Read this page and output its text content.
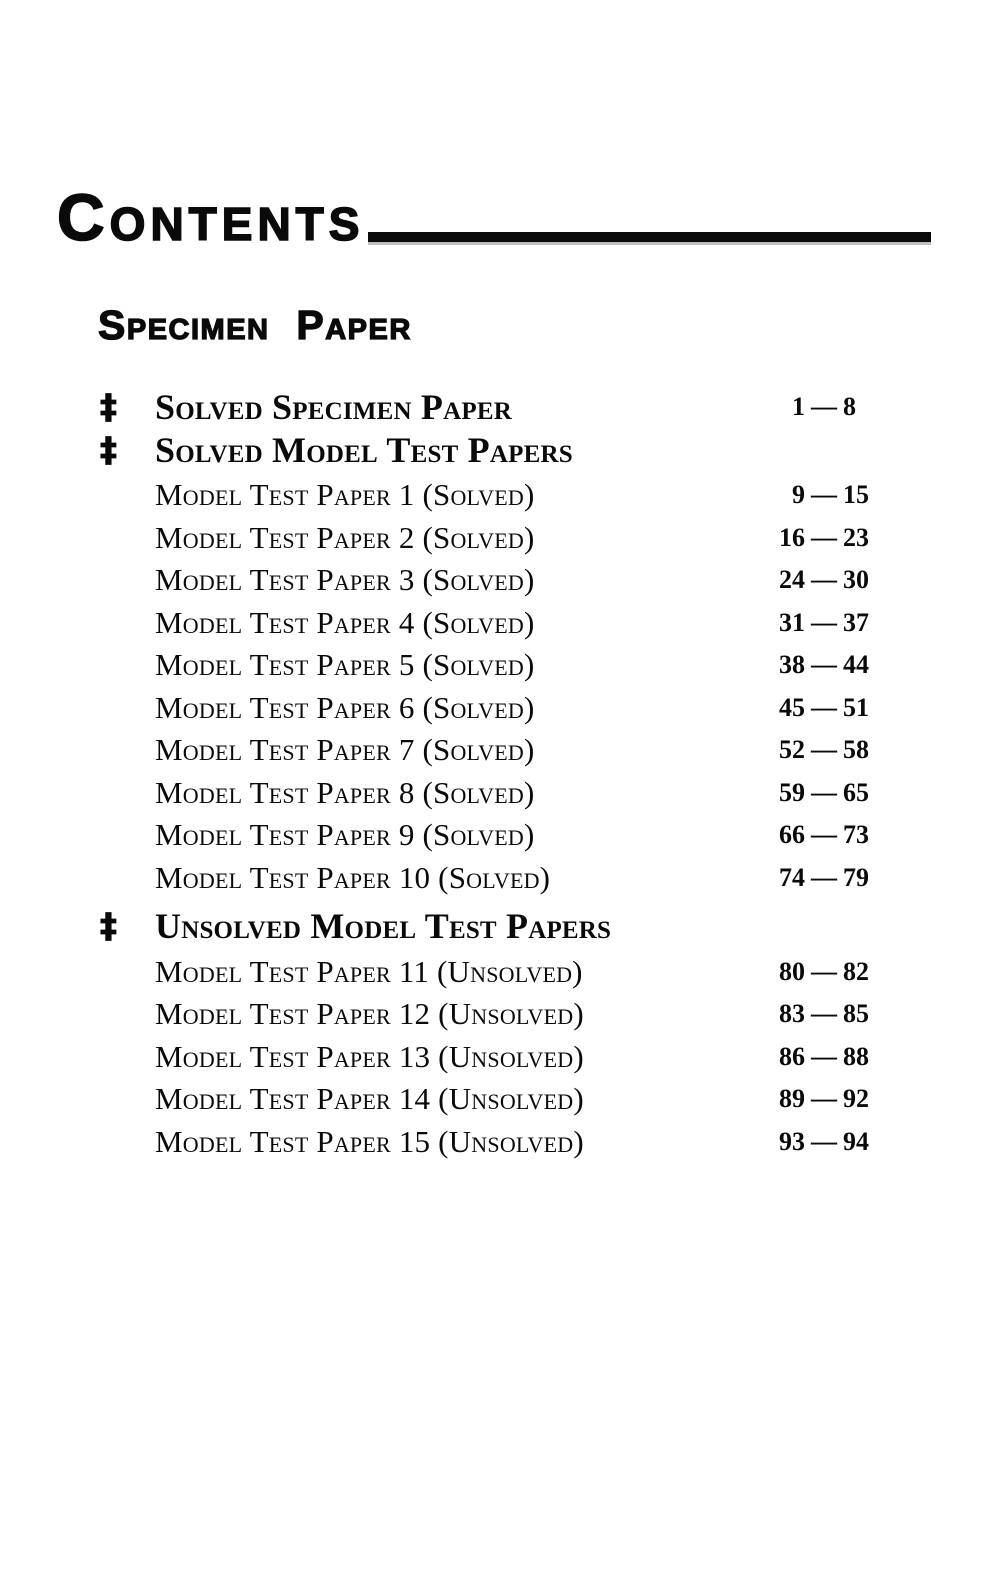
Contents
Specimen Paper
‡	Solved Specimen Paper	1 — 8
‡	Solved Model Test Papers
Model Test Paper 1 (Solved)	9 — 15
Model Test Paper 2 (Solved)	16 — 23
Model Test Paper 3 (Solved)	24 — 30
Model Test Paper 4 (Solved)	31 — 37
Model Test Paper 5 (Solved)	38 — 44
Model Test Paper 6 (Solved)	45 — 51
Model Test Paper 7 (Solved)	52 — 58
Model Test Paper 8 (Solved)	59 — 65
Model Test Paper 9 (Solved)	66 — 73
Model Test Paper 10 (Solved)	74 — 79
‡	Unsolved Model Test Papers
Model Test Paper 11 (Unsolved)	80 — 82
Model Test Paper 12 (Unsolved)	83 — 85
Model Test Paper 13 (Unsolved)	86 — 88
Model Test Paper 14 (Unsolved)	89 — 92
Model Test Paper 15 (Unsolved)	93 — 94
